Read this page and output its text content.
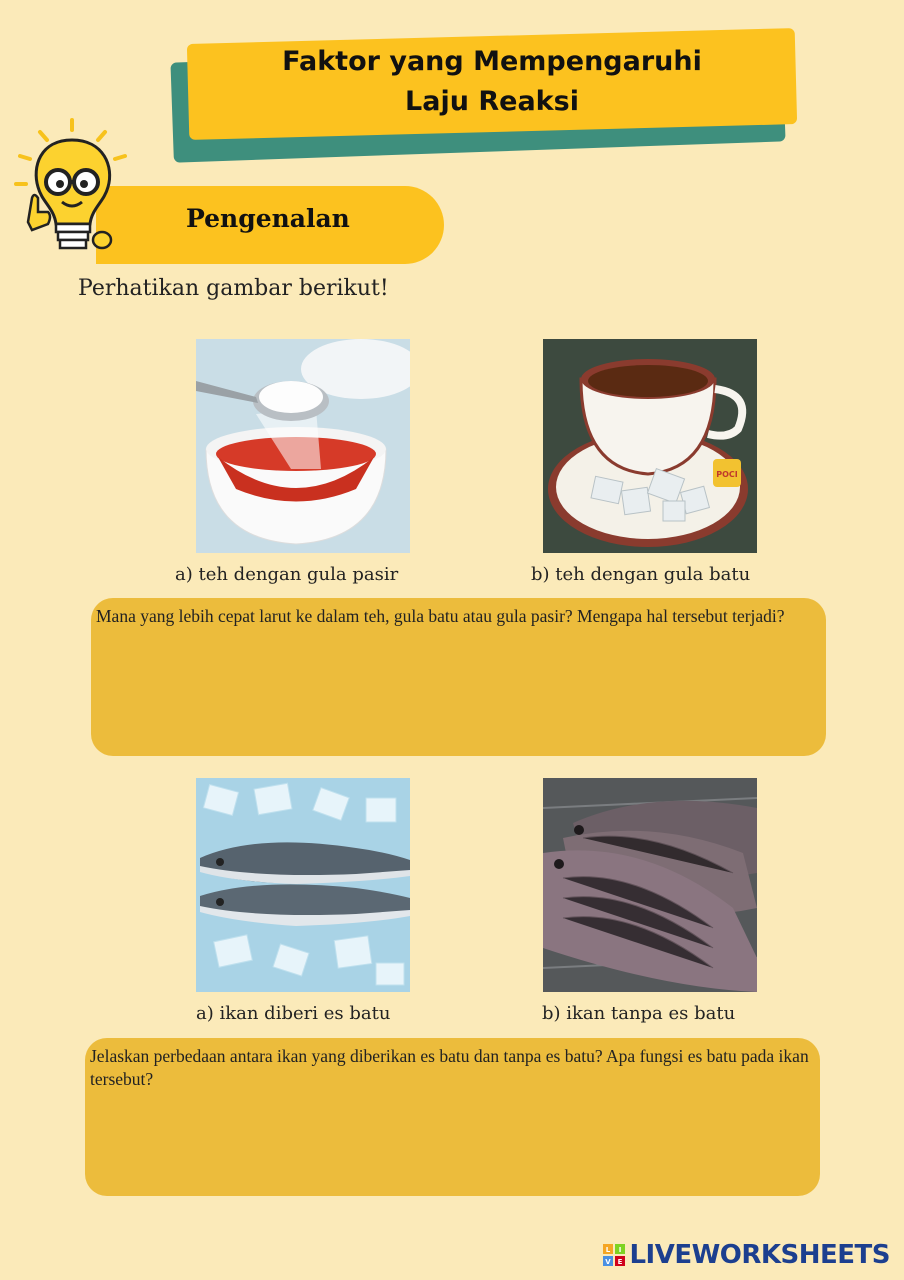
Faktor yang Mempengaruhi
Laju Reaksi
Pengenalan
Perhatikan gambar berikut!
POCI
a) teh dengan gula pasir	b) teh dengan gula batu
Mana yang lebih cepat larut ke dalam teh, gula batu atau gula pasir? Mengapa hal tersebut terjadi?
a) ikan diberi es batu	b) ikan tanpa es batu
Jelaskan perbedaan antara ikan yang diberikan es batu dan tanpa es batu? Apa fungsi es batu pada ikan tersebut?
L I
V E LIVEWORKSHEETS
